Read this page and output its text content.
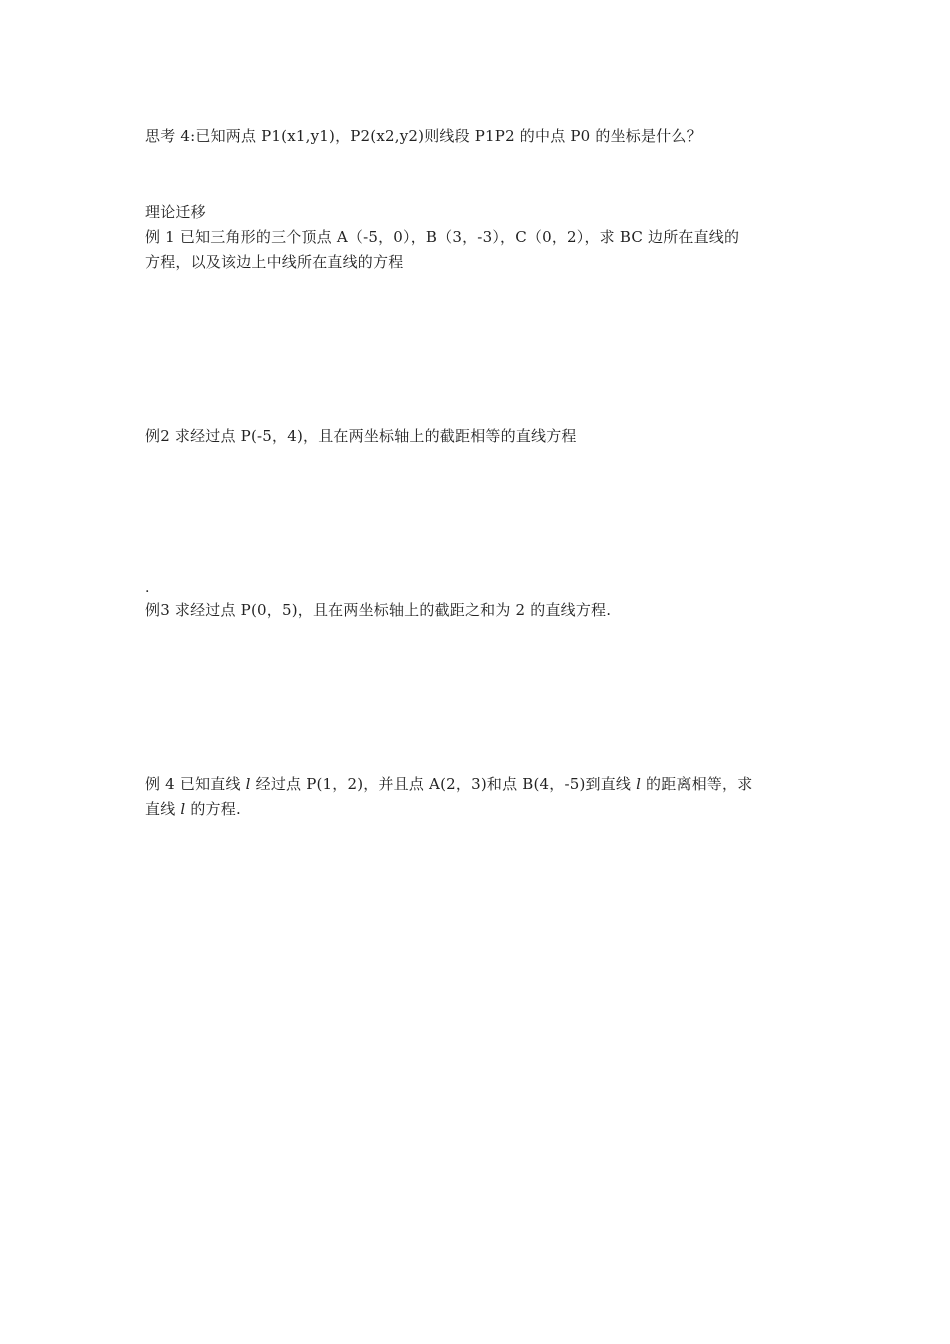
思考 4:已知两点 P1(x1,y1)，P2(x2,y2)则线段 P1P2 的中点 P0 的坐标是什么？
理论迁移
例 1 已知三角形的三个顶点 A（-5，0），B（3，-3），C（0，2），求 BC 边所在直线的
方程，以及该边上中线所在直线的方程
例2 求经过点 P(-5，4)，且在两坐标轴上的截距相等的直线方程
.
例3 求经过点 P(0，5)，且在两坐标轴上的截距之和为 2 的直线方程.
例 4 已知直线 l 经过点 P(1，2)，并且点 A(2，3)和点 B(4，-5)到直线 l 的距离相等，求
直线 l 的方程.
